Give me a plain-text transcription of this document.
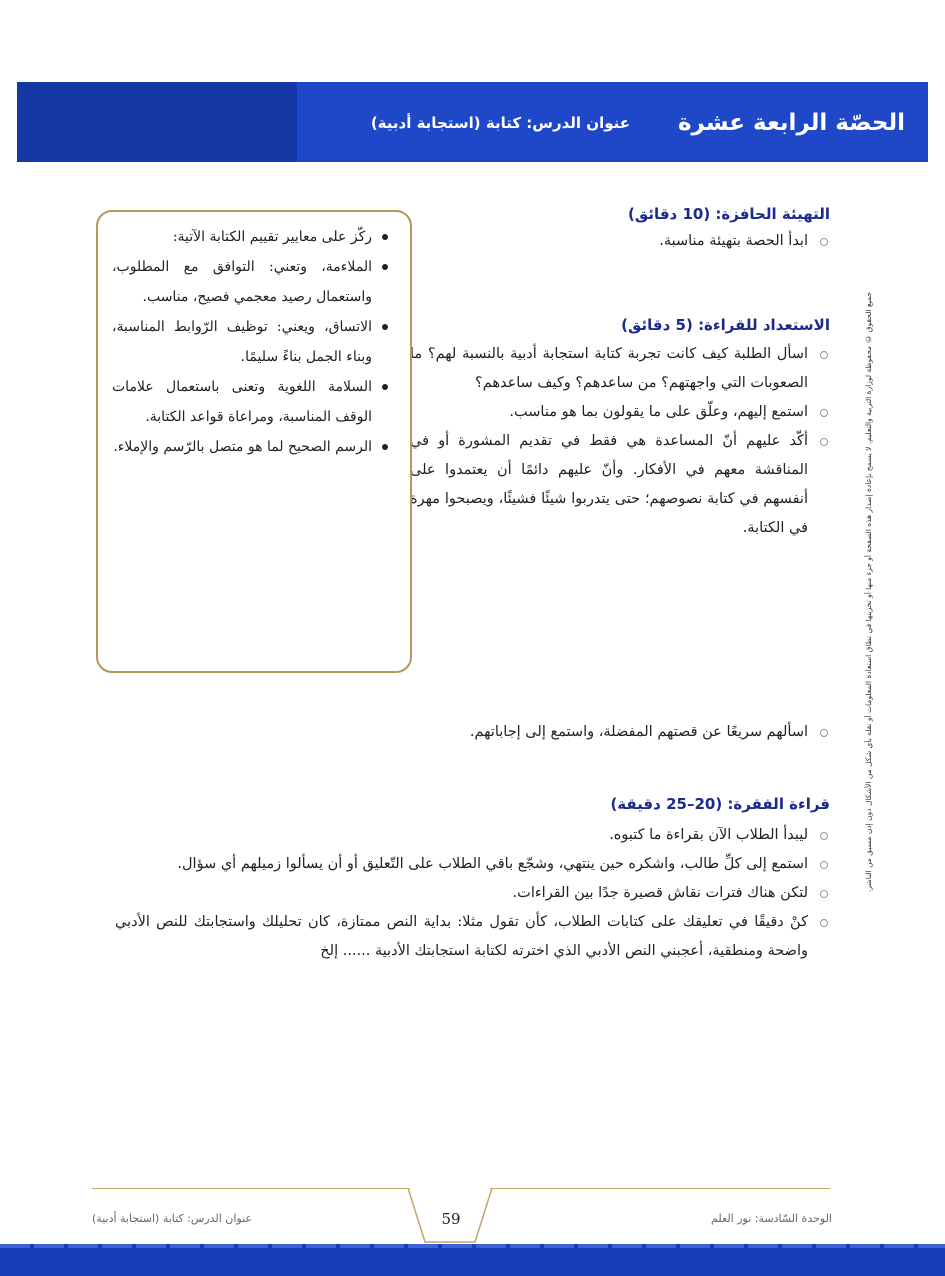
الحصّة الرابعة عشرة
عنوان الدرس: كتابة (استجابة أدبية)
جميع الحقوق © محفوظة لوزارة التربية والتعليم. لا يسمح بإعادة إصدار هذه الصفحة أو جزء منها أو تخزينها في نطاق استعادة المعلومات أو نقله بأي شكل من الأشكال دون إذن مسبق من الناشر.
التهيئة الحافزة: (10 دقائق)
ابدأ الحصة بتهيئة مناسبة.
الاستعداد للقراءة: (5 دقائق)
اسأل الطلبة كيف كانت تجربة كتابة استجابة أدبية بالنسبة لهم؟ ما الصعوبات التي واجهتهم؟ من ساعدهم؟ وكيف ساعدهم؟
استمع إليهم، وعلّق على ما يقولون بما هو مناسب.
أكّد عليهم أنّ المساعدة هي فقط في تقديم المشورة أو في المناقشة معهم في الأفكار. وأنّ عليهم دائمًا أن يعتمدوا على أنفسهم في كتابة نصوصهم؛ حتى يتدربوا شيئًا فشيئًا، ويصبحوا مهرة في الكتابة.
اسألهم سريعًا عن قصتهم المفضلة، واستمع إلى إجاباتهم.
ركّز على معايير تقييم الكتابة الآتية:
الملاءمة، وتعني: التوافق مع المطلوب، واستعمال رصيد معجمي فصيح، مناسب.
الاتساق، ويعني: توظيف الرّوابط المناسبة، وبناء الجمل بناءً سليمًا.
السلامة اللغوية وتعنى باستعمال علامات الوقف المناسبة، ومراعاة قواعد الكتابة.
الرسم الصحيح لما هو متصل بالرّسم والإملاء.
قراءة الفقرة: (20–25 دقيقة)
ليبدأ الطلاب الآن بقراءة ما كتبوه.
استمع إلى كلِّ طالب، واشكره حين ينتهي، وشجّع باقي الطلاب على التّعليق أو أن يسألوا زميلهم أي سؤال.
لتكن هناك فترات نقاش قصيرة جدًا بين القراءات.
كنْ دقيقًا في تعليقك على كتابات الطلاب، كأن تقول مثلا: بداية النص ممتازة، كان تحليلك واستجابتك للنص الأدبي واضحة ومنطقية، أعجبني النص الأدبي الذي اخترته لكتابة استجابتك الأدبية ...... إلخ
الوحدة السّادسة: نور العلم
59
عنوان الدرس: كتابة (استجابة أدبية)
